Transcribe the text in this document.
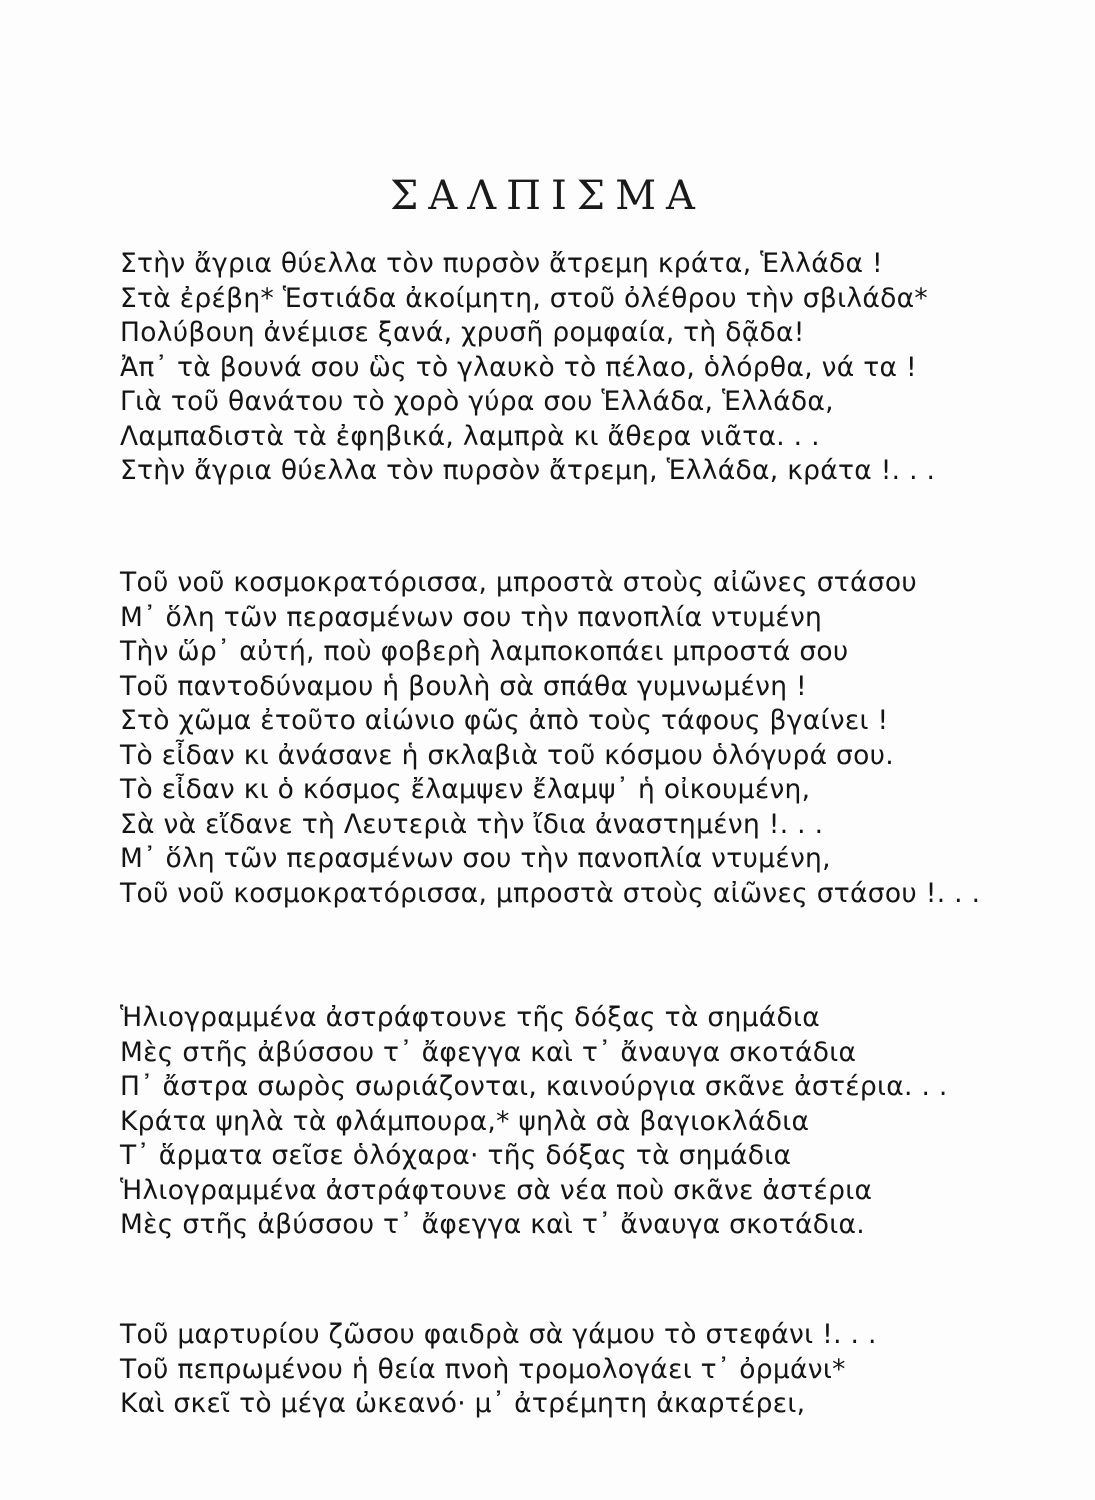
ΣΑΛΠΙΣΜΑ
Στὴν ἄγρια θύελλα τὸν πυρσὸν ἄτρεμη κράτα, Ἑλλάδα !
Στὰ ἐρέβη* Ἑστιάδα ἀκοίμητη, στοῦ ὀλέθρου τὴν σβιλάδα*
Πολύβουη ἀνέμισε ξανά, χρυσῆ ρομφαία, τὴ δᾷδα!
Ἀπ᾽ τὰ βουνά σου ὣς τὸ γλαυκὸ τὸ πέλαο, ὁλόρθα, νά τα !
Γιὰ τοῦ θανάτου τὸ χορὸ γύρα σου Ἑλλάδα, Ἑλλάδα,
Λαμπαδιστὰ τὰ ἐφηβικά, λαμπρὰ κι ἄθερα νιᾶτα. . .
Στὴν ἄγρια θύελλα τὸν πυρσὸν ἄτρεμη, Ἑλλάδα, κράτα !. . .
Τοῦ νοῦ κοσμοκρατόρισσα, μπροστὰ στοὺς αἰῶνες στάσου
Μ᾽ ὅλη τῶν περασμένων σου τὴν πανοπλία ντυμένη
Τὴν ὥρ᾽ αὐτή, ποὺ φοβερὴ λαμποκοπάει μπροστά σου
Τοῦ παντοδύναμου ἡ βουλὴ σὰ σπάθα γυμνωμένη !
Στὸ χῶμα ἐτοῦτο αἰώνιο φῶς ἀπὸ τοὺς τάφους βγαίνει !
Τὸ εἶδαν κι ἀνάσανε ἡ σκλαβιὰ τοῦ κόσμου ὁλόγυρά σου.
Τὸ εἶδαν κι ὁ κόσμος ἔλαμψεν ἔλαμψ᾽ ἡ οἰκουμένη,
Σὰ νὰ εἴδανε τὴ Λευτεριὰ τὴν ἴδια ἀναστημένη !. . .
Μ᾽ ὅλη τῶν περασμένων σου τὴν πανοπλία ντυμένη,
Τοῦ νοῦ κοσμοκρατόρισσα, μπροστὰ στοὺς αἰῶνες στάσου !. . .
Ἡλιογραμμένα ἀστράφτουνε τῆς δόξας τὰ σημάδια
Μὲς στῆς ἀβύσσου τ᾽ ἄφεγγα καὶ τ᾽ ἄναυγα σκοτάδια
Π᾽ ἄστρα σωρὸς σωριάζονται, καινούργια σκᾶνε ἀστέρια. . .
Κράτα ψηλὰ τὰ φλάμπουρα,* ψηλὰ σὰ βαγιοκλάδια
Τ᾽ ἅρματα σεῖσε ὁλόχαρα· τῆς δόξας τὰ σημάδια
Ἡλιογραμμένα ἀστράφτουνε σὰ νέα ποὺ σκᾶνε ἀστέρια
Μὲς στῆς ἀβύσσου τ᾽ ἄφεγγα καὶ τ᾽ ἄναυγα σκοτάδια.
Τοῦ μαρτυρίου ζῶσου φαιδρὰ σὰ γάμου τὸ στεφάνι !. . .
Τοῦ πεπρωμένου ἡ θεία πνοὴ τρομολογάει τ᾽ ὀρμάνι*
Καὶ σκεῖ τὸ μέγα ὠκεανό· μ᾽ ἀτρέμητη ἀκαρτέρει,
